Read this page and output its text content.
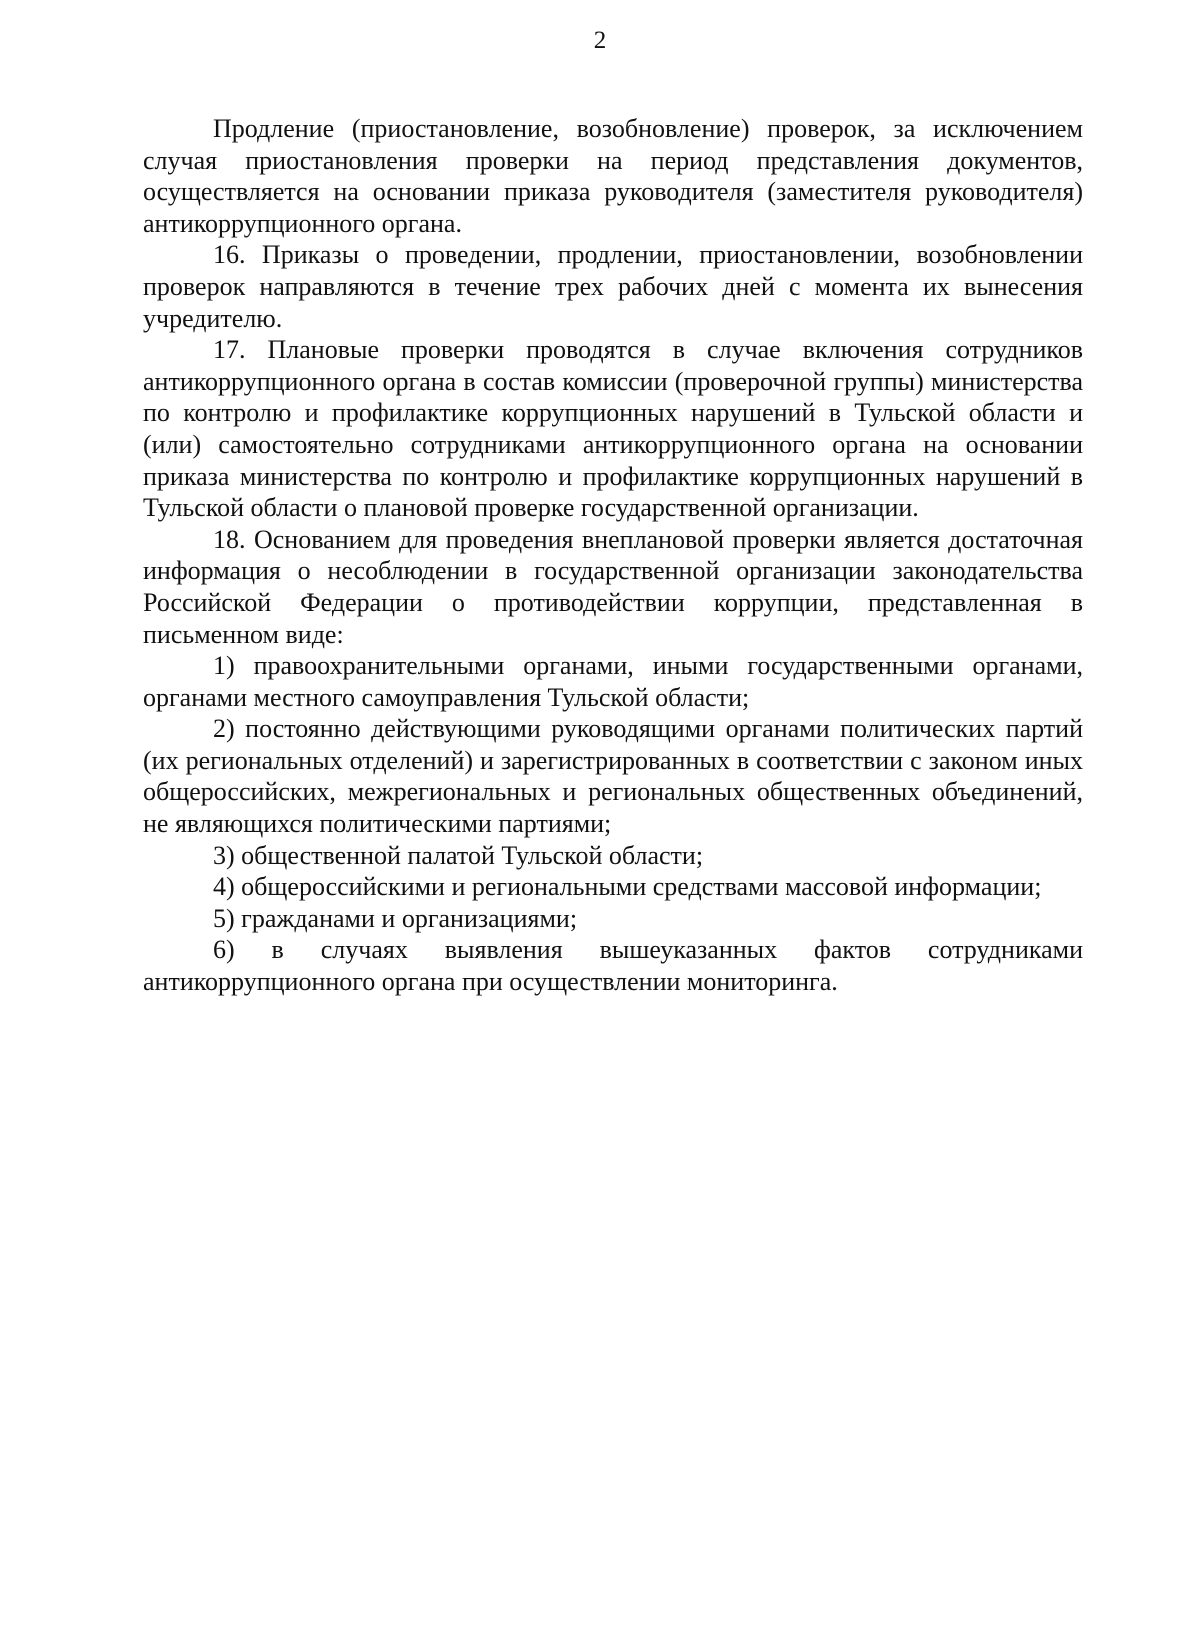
2

Продление (приостановление, возобновление) проверок, за исключением случая приостановления проверки на период представления документов, осуществляется на основании приказа руководителя (заместителя руководителя) антикоррупционного органа.

16. Приказы о проведении, продлении, приостановлении, возобновлении проверок направляются в течение трех рабочих дней с момента их вынесения учредителю.

17. Плановые проверки проводятся в случае включения сотрудников антикоррупционного органа в состав комиссии (проверочной группы) министерства по контролю и профилактике коррупционных нарушений в Тульской области и (или) самостоятельно сотрудниками антикоррупционного органа на основании приказа министерства по контролю и профилактике коррупционных нарушений в Тульской области о плановой проверке государственной организации.

18. Основанием для проведения внеплановой проверки является достаточная информация о несоблюдении в государственной организации законодательства Российской Федерации о противодействии коррупции, представленная в письменном виде:

1) правоохранительными органами, иными государственными органами, органами местного самоуправления Тульской области;

2) постоянно действующими руководящими органами политических партий (их региональных отделений) и зарегистрированных в соответствии с законом иных общероссийских, межрегиональных и региональных общественных объединений, не являющихся политическими партиями;

3) общественной палатой Тульской области;

4) общероссийскими и региональными средствами массовой информации;

5) гражданами и организациями;

6) в случаях выявления вышеуказанных фактов сотрудниками антикоррупционного органа при осуществлении мониторинга.
